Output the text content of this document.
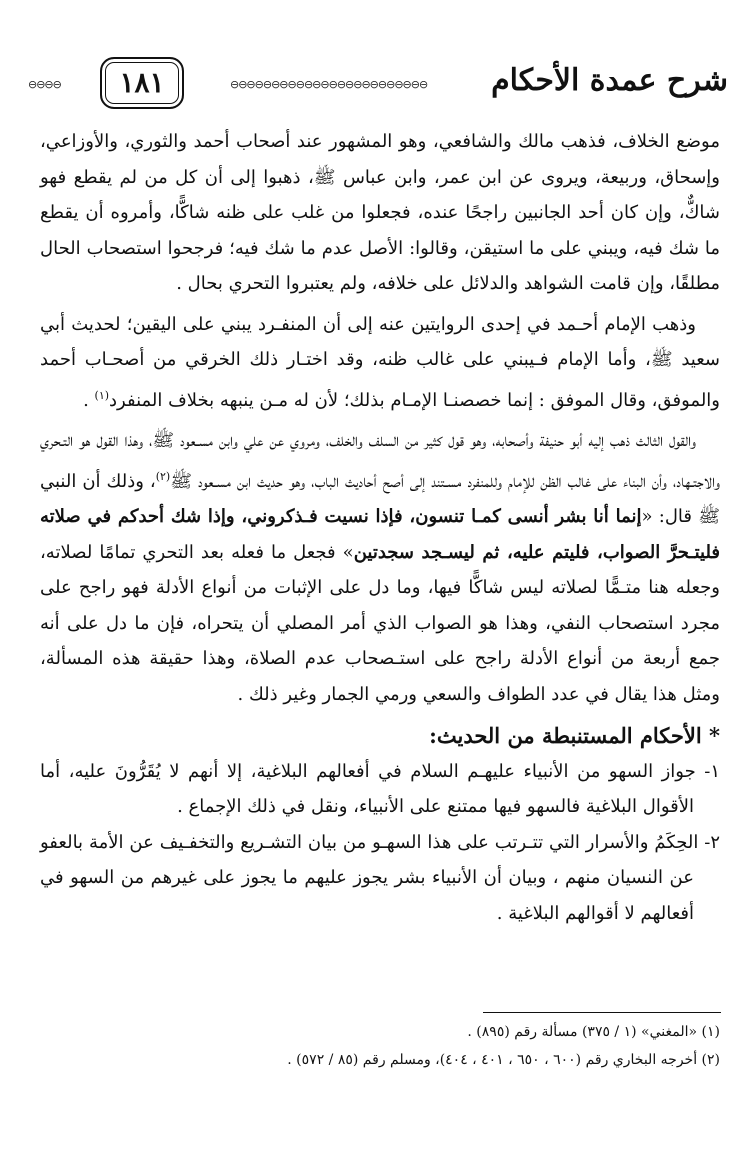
شرح عمدة الأحكام
⊖⊖⊖⊖⊖⊖⊖⊖⊖⊖⊖⊖⊖⊖⊖⊖⊖⊖⊖⊖⊖⊖⊖⊖
١٨١
⊖⊖⊖⊖

موضع الخلاف، فذهب مالك والشافعي، وهو المشهور عند أصحاب أحمد والثوري، والأوزاعي، وإسحاق، وربيعة، ويروى عن ابن عمر، وابن عباس ﷺ، ذهبوا إلى أن كل من لم يقطع فهو شاكٌّ، وإن كان أحد الجانبين راجحًا عنده، فجعلوا من غلب على ظنه شاكًّا، وأمروه أن يقطع ما شك فيه، ويبني على ما استيقن، وقالوا: الأصل عدم ما شك فيه؛ فرجحوا استصحاب الحال مطلقًا، وإن قامت الشواهد والدلائل على خلافه، ولم يعتبروا التحري بحال .

وذهب الإمام أحـمد في إحدى الروايتين عنه إلى أن المنفـرد يبني على اليقين؛ لحديث أبي سعيد ﷺ، وأما الإمام فـيبني على غالب ظنه، وقد اختـار ذلك الخرقي من أصحـاب أحمد والموفق، وقال الموفق : إنما خصصنـا الإمـام بذلك؛ لأن له مـن ينبهه بخلاف المنفرد$^{(١)}$ .

والقول الثالث ذهب إليه أبو حنيفة وأصحابه، وهو قول كثير من السلف والخلف، ومروي عن علي وابن مسـعود ﷺ، وهذا القول هو التـحري والاجتـهاد، وأن البناء على غالب الظن للإمام وللمنفرد مسـتند إلى أصح أحاديث الباب، وهو حديث ابن مسـعود ﷺ$^{(٢)}$، وذلك أن النبي ﷺ قال: «إنما أنا بشر أنسى كمـا تنسون، فإذا نسيت فـذكروني، وإذا شك أحدكم في صلاته فليتـحرَّ الصواب، فليتم عليه، ثم ليسـجد سجدتين» فجعل ما فعله بعد التحري تمامًا لصلاته، وجعله هنا متـمًّا لصلاته ليس شاكًّا فيها، وما دل على الإثبات من أنواع الأدلة فهو راجح على مجرد استصحاب النفي، وهذا هو الصواب الذي أمر المصلي أن يتحراه، فإن ما دل على أنه جمع أربعة من أنواع الأدلة راجح على استـصحاب عدم الصلاة، وهذا حقيقة هذه المسألة، ومثل هذا يقال في عدد الطواف والسعي ورمي الجمار وغير ذلك .

* الأحكام المستنبطة من الحديث:

١- جواز السهو من الأنبياء عليهـم السلام في أفعالهم البلاغية، إلا أنهم لا يُقَرُّونَ عليه، أما الأقوال البلاغية فالسهو فيها ممتنع على الأنبياء، ونقل في ذلك الإجماع .

٢- الحِكَمُ والأسرار التي تتـرتب على هذا السهـو من بيان التشـريع والتخفـيف عن الأمة بالعفو عن النسيان منهم ، وبيان أن الأنبياء بشر يجوز عليهم ما يجوز على غيرهم من السهو في أفعالهم لا أقوالهم البلاغية .

(١) «المغني» (١ / ٣٧٥) مسألة رقم (٨٩٥) .

(٢) أخرجه البخاري رقم (٦٠٠ ، ٦٥٠ ، ٤٠١ ، ٤٠٤)، ومسلم رقم (٨٥ / ٥٧٢) .
